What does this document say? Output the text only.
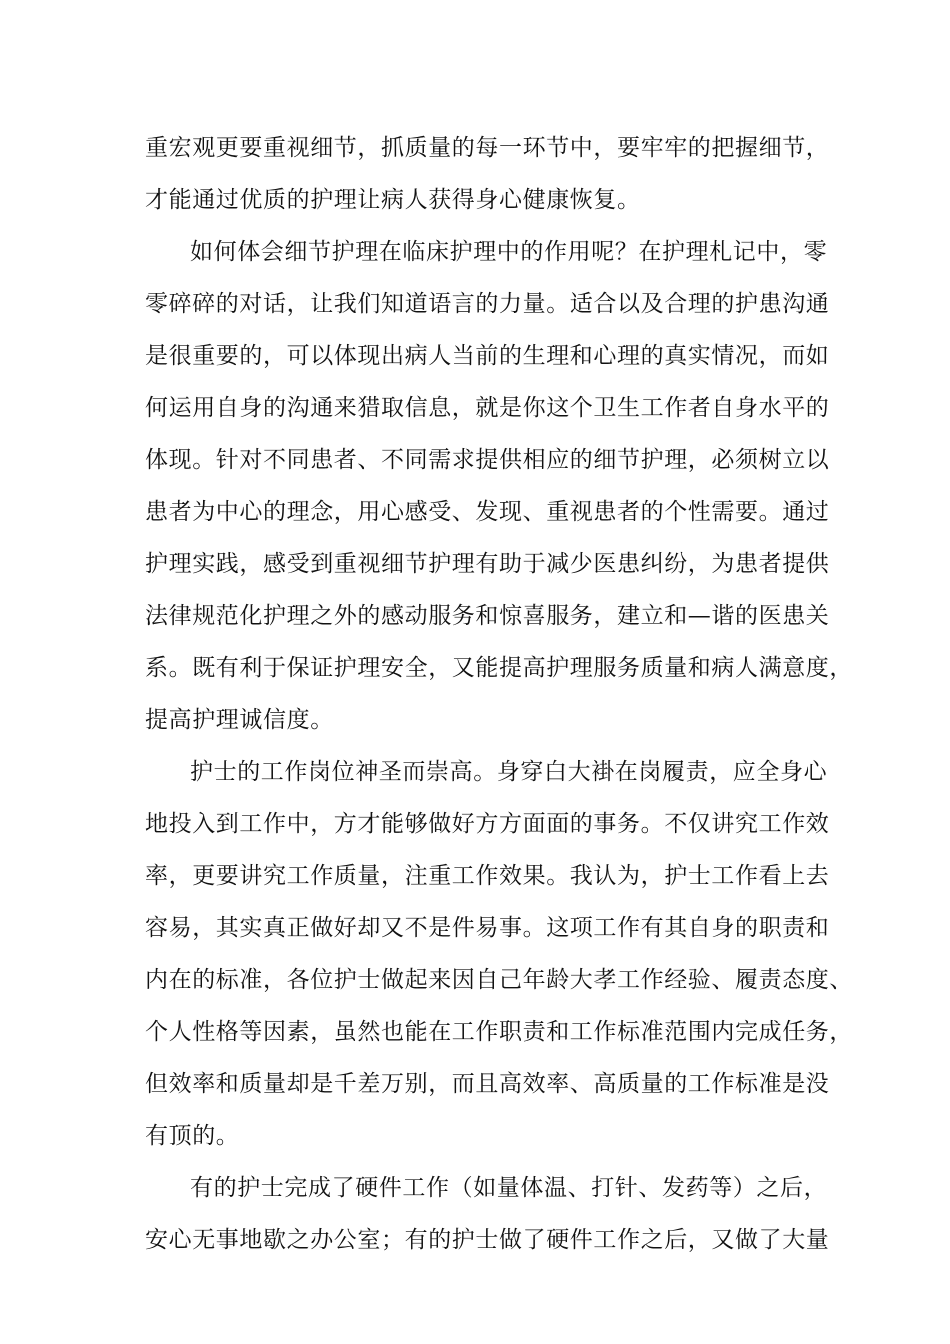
重宏观更要重视细节，抓质量的每一环节中，要牢牢的把握细节，
才能通过优质的护理让病人获得身心健康恢复。
如何体会细节护理在临床护理中的作用呢？在护理札记中，零
零碎碎的对话，让我们知道语言的力量。适合以及合理的护患沟通
是很重要的，可以体现出病人当前的生理和心理的真实情况，而如
何运用自身的沟通来猎取信息，就是你这个卫生工作者自身水平的
体现。针对不同患者、不同需求提供相应的细节护理，必须树立以
患者为中心的理念，用心感受、发现、重视患者的个性需要。通过
护理实践，感受到重视细节护理有助于减少医患纠纷，为患者提供
法律规范化护理之外的感动服务和惊喜服务，建立和—谐的医患关
系。既有利于保证护理安全，又能提高护理服务质量和病人满意度，
提高护理诚信度。
护士的工作岗位神圣而崇高。身穿白大褂在岗履责，应全身心
地投入到工作中，方才能够做好方方面面的事务。不仅讲究工作效
率，更要讲究工作质量，注重工作效果。我认为，护士工作看上去
容易，其实真正做好却又不是件易事。这项工作有其自身的职责和
内在的标准，各位护士做起来因自己年龄大孝工作经验、履责态度、
个人性格等因素，虽然也能在工作职责和工作标准范围内完成任务，
但效率和质量却是千差万别，而且高效率、高质量的工作标准是没
有顶的。
有的护士完成了硬件工作（如量体温、打针、发药等）之后，
安心无事地歇之办公室；有的护士做了硬件工作之后，又做了大量
